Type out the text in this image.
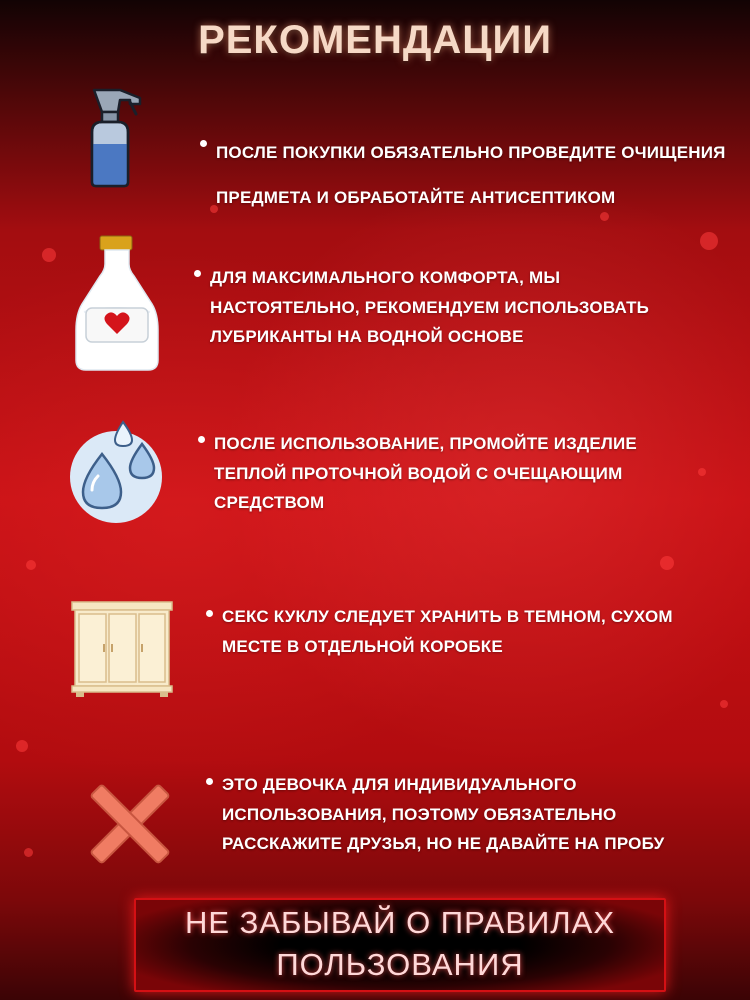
РЕКОМЕНДАЦИИ
ПОСЛЕ ПОКУПКИ ОБЯЗАТЕЛЬНО ПРОВЕДИТЕ ОЧИЩЕНИЯ ПРЕДМЕТА И ОБРАБОТАЙТЕ АНТИСЕПТИКОМ
ДЛЯ МАКСИМАЛЬНОГО КОМФОРТА, МЫ НАСТОЯТЕЛЬНО, РЕКОМЕНДУЕМ ИСПОЛЬЗОВАТЬ ЛУБРИКАНТЫ НА ВОДНОЙ ОСНОВЕ
ПОСЛЕ ИСПОЛЬЗОВАНИЕ, ПРОМОЙТЕ ИЗДЕЛИЕ ТЕПЛОЙ ПРОТОЧНОЙ ВОДОЙ С ОЧЕЩАЮЩИМ СРЕДСТВОМ
СЕКС КУКЛУ СЛЕДУЕТ ХРАНИТЬ В ТЕМНОМ, СУХОМ МЕСТЕ В ОТДЕЛЬНОЙ КОРОБКЕ
ЭТО ДЕВОЧКА ДЛЯ ИНДИВИДУАЛЬНОГО ИСПОЛЬЗОВАНИЯ, ПОЭТОМУ ОБЯЗАТЕЛЬНО РАССКАЖИТЕ ДРУЗЬЯ, НО НЕ ДАВАЙТЕ НА ПРОБУ
НЕ ЗАБЫВАЙ О ПРАВИЛАХ
ПОЛЬЗОВАНИЯ
